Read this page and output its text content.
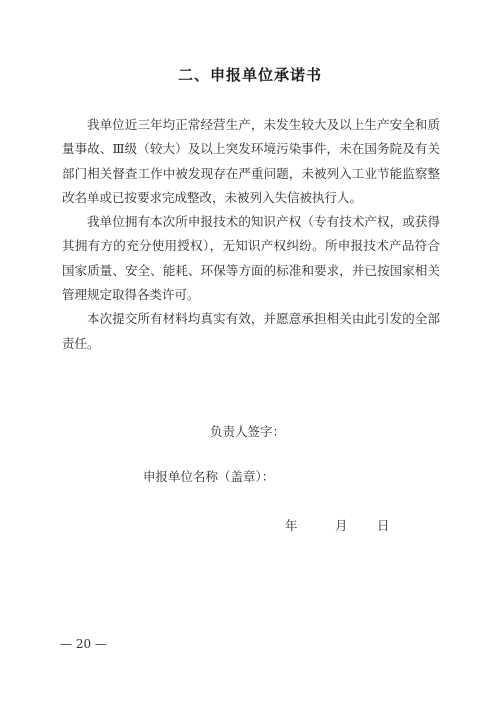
二、申报单位承诺书

我单位近三年均正常经营生产，未发生较大及以上生产安全和质量事故、Ⅲ级（较大）及以上突发环境污染事件，未在国务院及有关部门相关督查工作中被发现存在严重问题，未被列入工业节能监察整改名单或已按要求完成整改，未被列入失信被执行人。

我单位拥有本次所申报技术的知识产权（专有技术产权，或获得其拥有方的充分使用授权），无知识产权纠纷。所申报技术产品符合国家质量、安全、能耗、环保等方面的标准和要求，并已按国家相关管理规定取得各类许可。

本次提交所有材料均真实有效，并愿意承担相关由此引发的全部责任。

负责人签字：
申报单位名称（盖章）：
年	月 日
— 20 —
